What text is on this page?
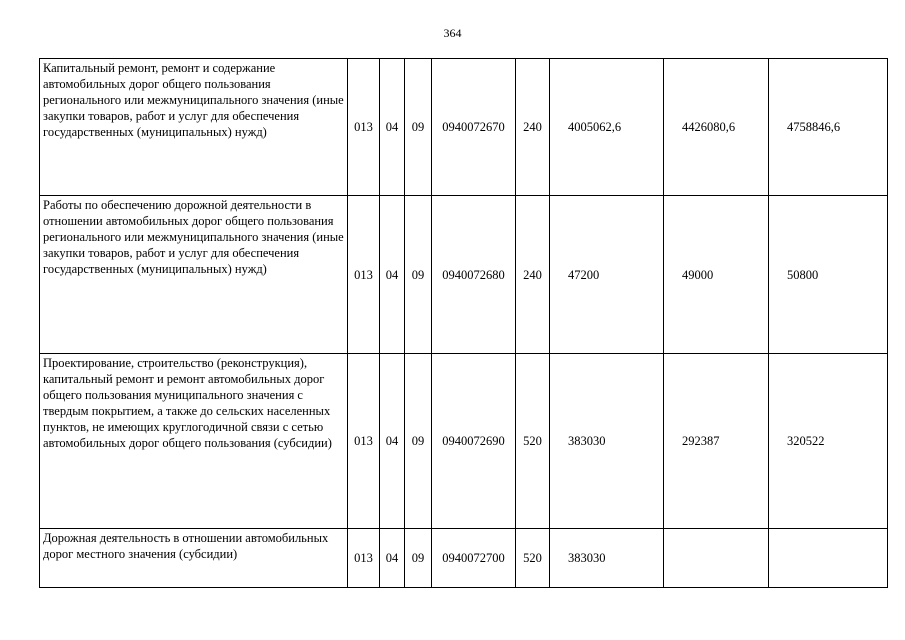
364
Капитальный ремонт, ремонт и содержание автомобильных дорог общего пользования регионального или межмуниципального значения (иные закупки товаров, работ и услуг для обеспечения государственных (муниципальных) нужд)	013	04	09	0940072670	240	4005062,6	4426080,6	4758846,6
Работы по обеспечению дорожной деятельности в отношении автомобильных дорог общего пользования регионального или межмуниципального значения (иные закупки товаров, работ и услуг для обеспечения государственных (муниципальных) нужд)	013	04	09	0940072680	240	47200	49000	50800
Проектирование, строительство (реконструкция), капитальный ремонт и ремонт автомобильных дорог общего пользования муниципального значения с твердым покрытием, а также до сельских населенных пунктов, не имеющих круглогодичной связи с сетью автомобильных дорог общего пользования (субсидии)	013	04	09	0940072690	520	383030	292387	320522
Дорожная деятельность в отношении автомобильных дорог местного значения (субсидии)	013	04	09	0940072700	520	383030		
